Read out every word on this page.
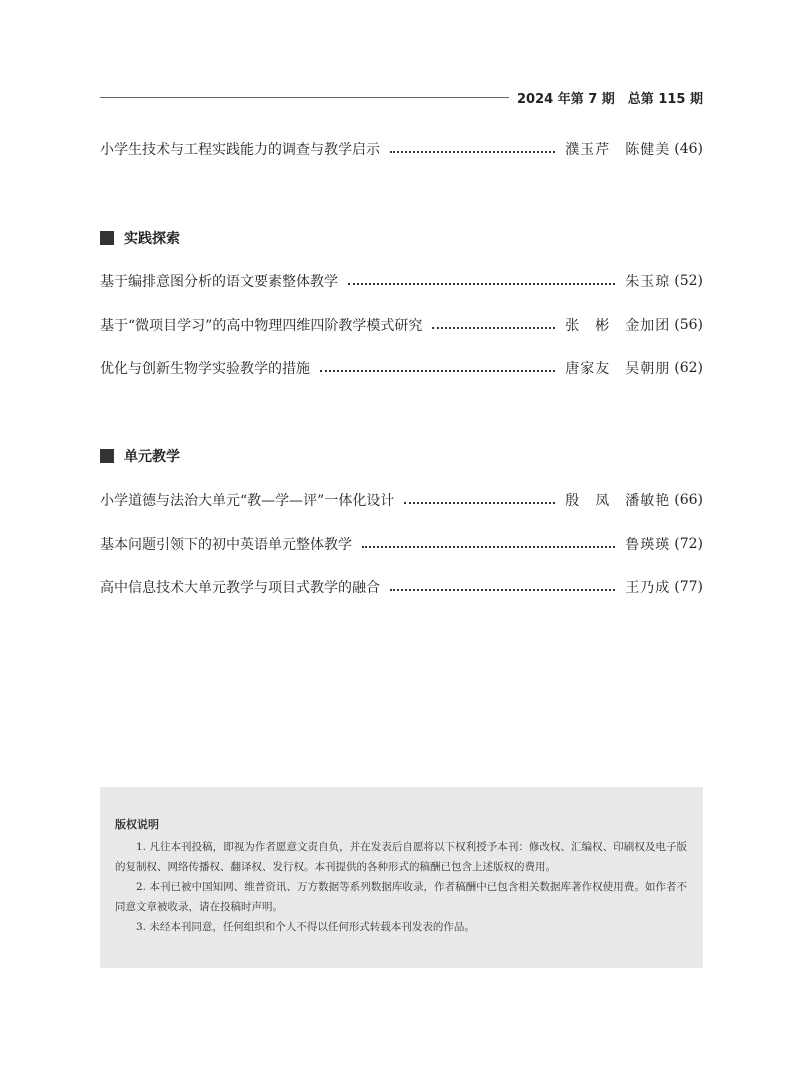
2024 年第 7 期　总第 115 期
小学生技术与工程实践能力的调查与教学启示	濮玉芹　陈健美 (46)
实践探索
基于编排意图分析的语文要素整体教学	朱玉琼 (52)
基于“微项目学习”的高中物理四维四阶教学模式研究	张　彬　金加团 (56)
优化与创新生物学实验教学的措施	唐家友　吴朝朋 (62)
单元教学
小学道德与法治大单元“教—学—评”一体化设计	殷　凤　潘敏艳 (66)
基本问题引领下的初中英语单元整体教学	鲁瑛瑛 (72)
高中信息技术大单元教学与项目式教学的融合	王乃成 (77)
版权说明

1. 凡往本刊投稿，即视为作者愿意文责自负，并在发表后自愿将以下权利授予本刊：修改权、汇编权、印刷权及电子版的复制权、网络传播权、翻译权、发行权。本刊提供的各种形式的稿酬已包含上述版权的费用。

2. 本刊已被中国知网、维普资讯、万方数据等系列数据库收录，作者稿酬中已包含相关数据库著作权使用费。如作者不同意文章被收录，请在投稿时声明。

3. 未经本刊同意，任何组织和个人不得以任何形式转载本刊发表的作品。
